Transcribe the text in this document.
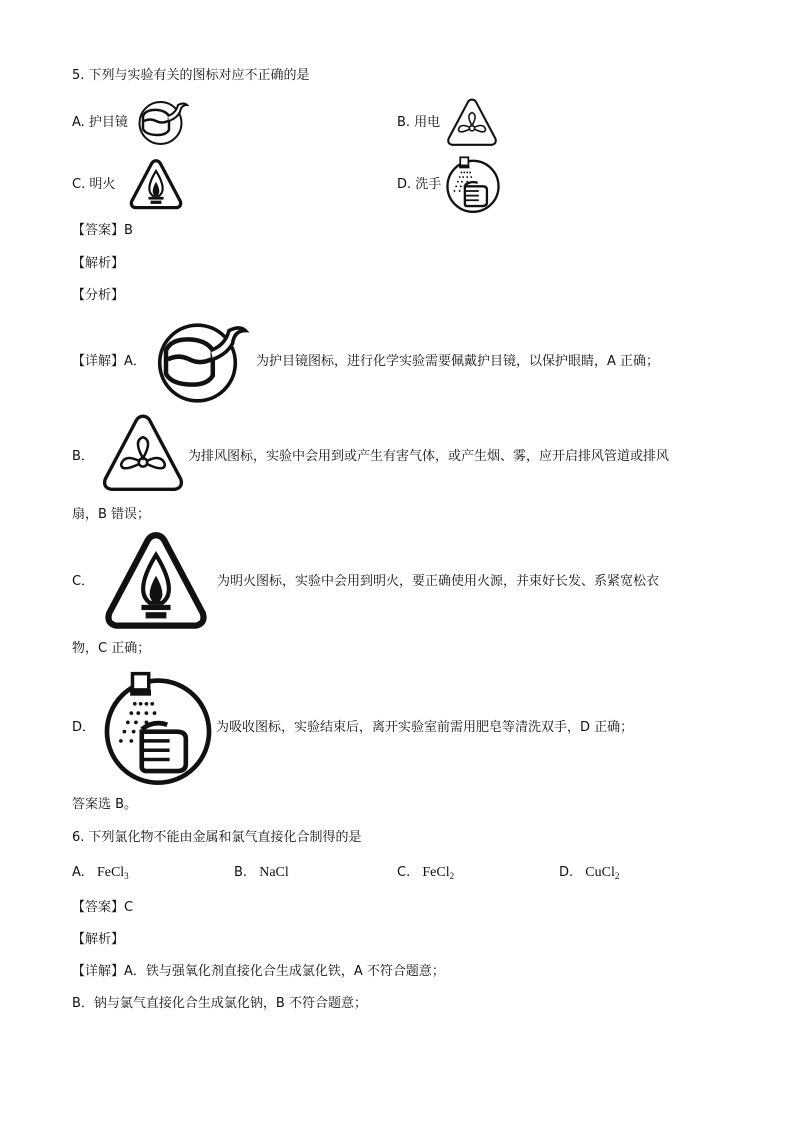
5. 下列与实验有关的图标对应不正确的是
A. 护目镜	B. 用电
C. 明火	D. 洗手
【答案】B
【解析】
【分析】
【详解】A．	为护目镜图标，进行化学实验需要佩戴护目镜，以保护眼睛，A 正确；
B．	为排风图标，实验中会用到或产生有害气体，或产生烟、雾，应开启排风管道或排风
扇，B 错误；
C．	为明火图标，实验中会用到明火，要正确使用火源，并束好长发、系紧宽松衣
物，C 正确；
D．	为吸收图标，实验结束后，离开实验室前需用肥皂等清洗双手，D 正确；
答案选 B。
6. 下列氯化物不能由金属和氯气直接化合制得的是
A. FeCl$_3$	B. NaCl	C. FeCl$_2$	D. CuCl$_2$
【答案】C
【解析】
【详解】A．铁与强氧化剂直接化合生成氯化铁，A 不符合题意；
B．钠与氯气直接化合生成氯化钠，B 不符合题意；
